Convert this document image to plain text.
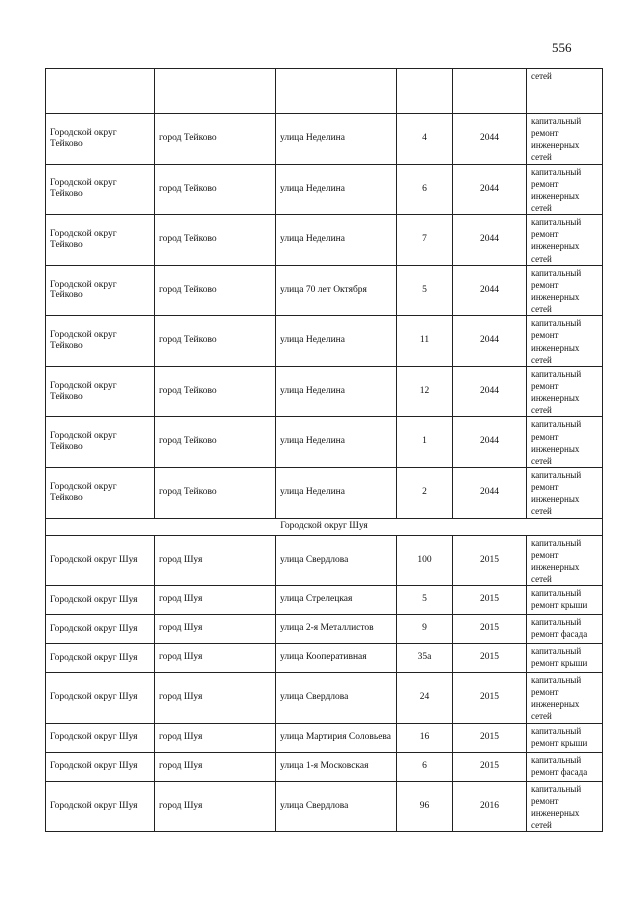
556
					сетей
Городской округ Тейково	город Тейково	улица Неделина	4	2044	капитальный ремонт инженерных сетей
Городской округ Тейково	город Тейково	улица Неделина	6	2044	капитальный ремонт инженерных сетей
Городской округ Тейково	город Тейково	улица Неделина	7	2044	капитальный ремонт инженерных сетей
Городской округ Тейково	город Тейково	улица 70 лет Октября	5	2044	капитальный ремонт инженерных сетей
Городской округ Тейково	город Тейково	улица Неделина	11	2044	капитальный ремонт инженерных сетей
Городской округ Тейково	город Тейково	улица Неделина	12	2044	капитальный ремонт инженерных сетей
Городской округ Тейково	город Тейково	улица Неделина	1	2044	капитальный ремонт инженерных сетей
Городской округ Тейково	город Тейково	улица Неделина	2	2044	капитальный ремонт инженерных сетей
Городской округ Шуя					
Городской округ Шуя	город Шуя	улица Свердлова	100	2015	капитальный ремонт инженерных сетей
Городской округ Шуя	город Шуя	улица Стрелецкая	5	2015	капитальный ремонт крыши
Городской округ Шуя	город Шуя	улица 2-я Металлистов	9	2015	капитальный ремонт фасада
Городской округ Шуя	город Шуя	улица Кооперативная	35а	2015	капитальный ремонт крыши
Городской округ Шуя	город Шуя	улица Свердлова	24	2015	капитальный ремонт инженерных сетей
Городской округ Шуя	город Шуя	улица Мартирия Соловьева	16	2015	капитальный ремонт крыши
Городской округ Шуя	город Шуя	улица 1-я Московская	6	2015	капитальный ремонт фасада
Городской округ Шуя	город Шуя	улица Свердлова	96	2016	капитальный ремонт инженерных сетей
